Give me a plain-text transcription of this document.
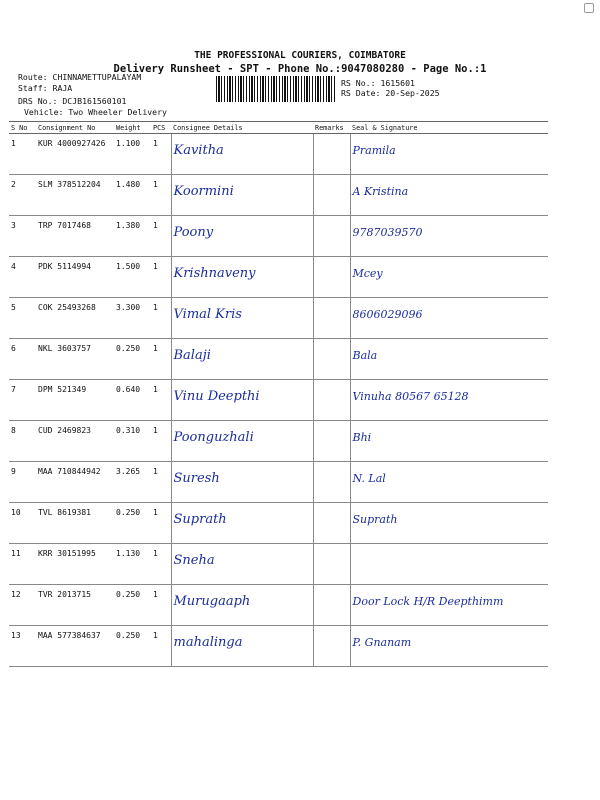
THE PROFESSIONAL COURIERS, COIMBATORE
Delivery Runsheet - SPT - Phone No.:9047080280 - Page No.:1
Route: CHINNAMETTUPALAYAM
Staff: RAJA
DRS No.: DCJB161560101
Vehicle: Two Wheeler Delivery
RS No.: 1615601
RS Date: 20-Sep-2025
S No	Consignment No	Weight	PCS	Consignee Details	Remarks	Seal & Signature
1	KUR 4000927426	1.100	1	Kavitha		Pramila
2	SLM 378512204	1.480	1	Koormini		A Kristina
3	TRP 7017468	1.380	1	Poony		9787039570
4	PDK 5114994	1.500	1	Krishnaveny		Mcey
5	COK 25493268	3.300	1	Vimal Kris		8606029096
6	NKL 3603757	0.250	1	Balaji		Bala
7	DPM 521349	0.640	1	Vinu Deepthi		Vinuha 80567 65128
8	CUD 2469823	0.310	1	Poonguzhali		Bhi
9	MAA 710844942	3.265	1	Suresh		N. Lal
10	TVL 8619381	0.250	1	Suprath		Suprath
11	KRR 30151995	1.130	1	Sneha		
12	TVR 2013715	0.250	1	Murugaaph		Door Lock H/R Deepthimm
13	MAA 577384637	0.250	1	mahalinga		P. Gnanam
